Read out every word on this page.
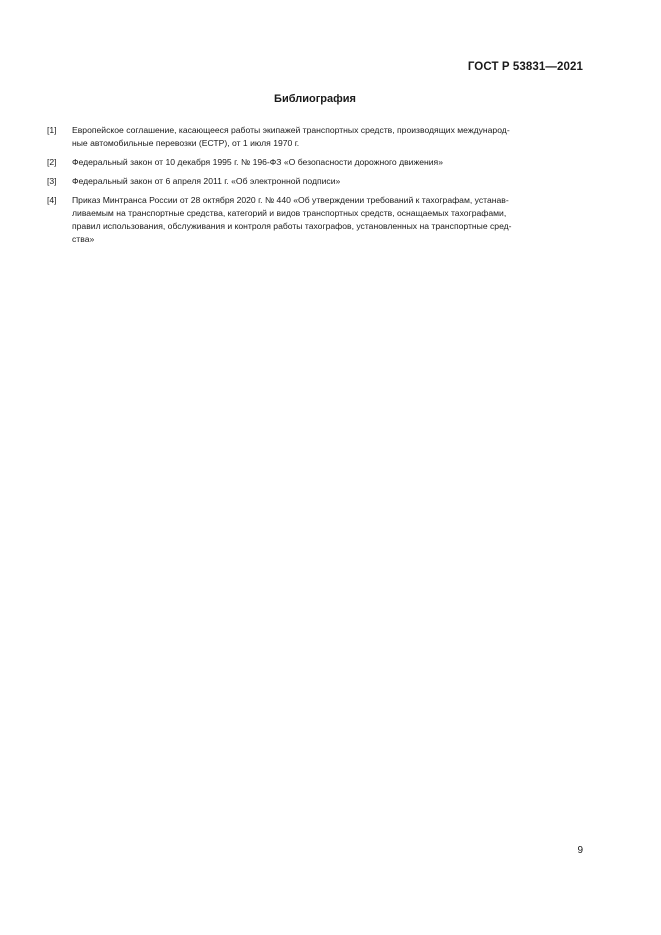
ГОСТ Р 53831—2021
Библиография
[1]	Европейское соглашение, касающееся работы экипажей транспортных средств, производящих международ-
ные автомобильные перевозки (ЕСТР), от 1 июля 1970 г.
[2]	Федеральный закон от 10 декабря 1995 г. № 196-ФЗ «О безопасности дорожного движения»
[3]	Федеральный закон от 6 апреля 2011 г. «Об электронной подписи»
[4]	Приказ Минтранса России от 28 октября 2020 г. № 440 «Об утверждении требований к тахографам, устанав-
ливаемым на транспортные средства, категорий и видов транспортных средств, оснащаемых тахографами,
правил использования, обслуживания и контроля работы тахографов, установленных на транспортные сред-
ства»
9
